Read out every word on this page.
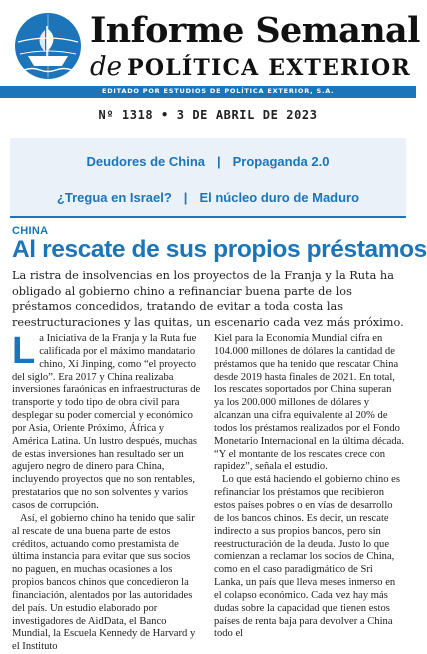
Informe Semanal
de POLÍTICA EXTERIOR
EDITADO POR ESTUDIOS DE POLÍTICA EXTERIOR, S.A.
Nº 1318 • 3 DE ABRIL DE 2023
Deudores de China | Propaganda 2.0
¿Tregua en Israel? | El núcleo duro de Maduro
CHINA
Al rescate de sus propios préstamos
La ristra de insolvencias en los proyectos de la Franja y la Ruta ha obligado al gobierno chino a refinanciar buena parte de los préstamos concedidos, tratando de evitar a toda costa las reestructuraciones y las quitas, un escenario cada vez más próximo.

La Iniciativa de la Franja y la Ruta fue calificada por el máximo mandatario chino, Xi Jinping, como “el proyecto del siglo”. Era 2017 y China realizaba inversiones faraónicas en infraestructuras de transporte y todo tipo de obra civil para desplegar su poder comercial y económico por Asia, Oriente Próximo, África y América Latina. Un lustro después, muchas de estas inversiones han resultado ser un agujero negro de dinero para China, incluyendo proyectos que no son rentables, prestatarios que no son solventes y varios casos de corrupción.

Así, el gobierno chino ha tenido que salir al rescate de una buena parte de estos créditos, actuando como prestamista de última instancia para evitar que sus socios no paguen, en muchas ocasiones a los propios bancos chinos que concedieron la financiación, alentados por las autoridades del país. Un estudio elaborado por investigadores de AidData, el Banco Mundial, la Escuela Kennedy de Harvard y el Instituto

Kiel para la Economía Mundial cifra en 104.000 millones de dólares la cantidad de préstamos que ha tenido que rescatar China desde 2019 hasta finales de 2021. En total, los rescates soportados por China superan ya los 200.000 millones de dólares y alcanzan una cifra equivalente al 20% de todos los préstamos realizados por el Fondo Monetario Internacional en la última década. “Y el montante de los rescates crece con rapidez”, señala el estudio.

Lo que está haciendo el gobierno chino es refinanciar los préstamos que recibieron estos países pobres o en vías de desarrollo de los bancos chinos. Es decir, un rescate indirecto a sus propios bancos, pero sin reestructuración de la deuda. Justo lo que comienzan a reclamar los socios de China, como en el caso paradigmático de Sri Lanka, un país que lleva meses inmerso en el colapso económico. Cada vez hay más dudas sobre la capacidad que tienen estos países de renta baja para devolver a China todo el
